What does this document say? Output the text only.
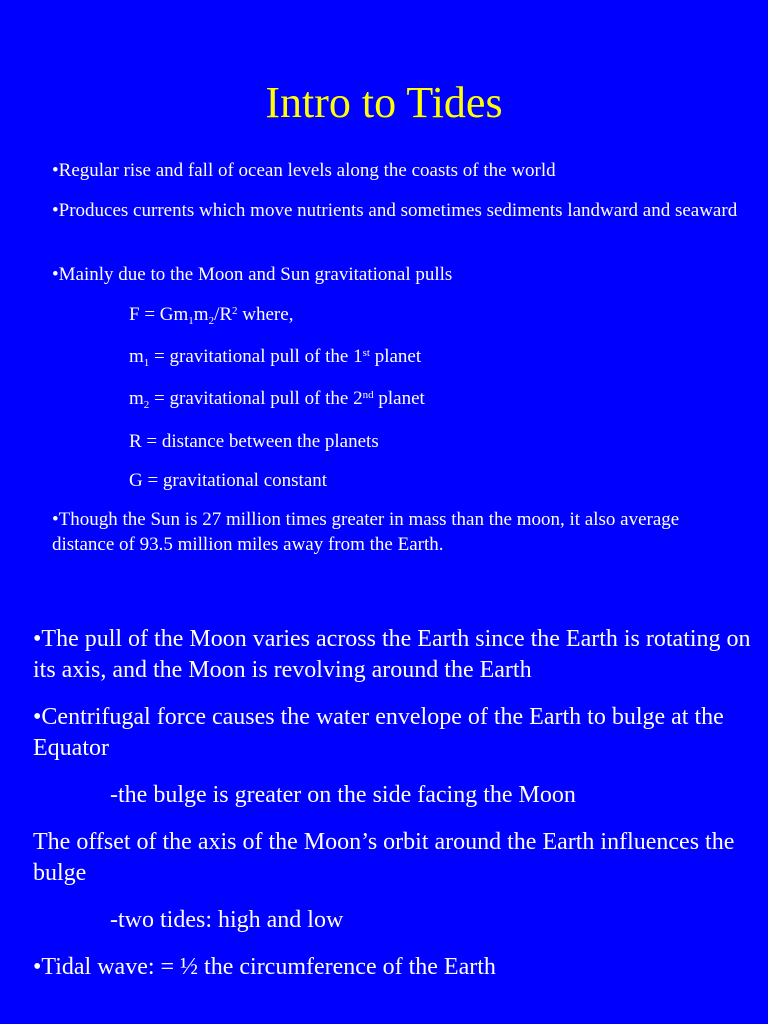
Intro to Tides

•Regular rise and fall of ocean levels along the coasts of the world

•Produces currents which move nutrients and sometimes sediments landward and seaward

•Mainly due to the Moon and Sun gravitational pulls

$F = Gm_1m_2/R^2$ where,

$m_1$ = gravitational pull of the 1st planet

$m_2$ = gravitational pull of the 2nd planet

R = distance between the planets

G = gravitational constant

•Though the Sun is 27 million times greater in mass than the moon, it also average distance of 93.5 million miles away from the Earth.

•The pull of the Moon varies across the Earth since the Earth is rotating on its axis, and the Moon is revolving around the Earth

•Centrifugal force causes the water envelope of the Earth to bulge at the Equator

-the bulge is greater on the side facing the Moon

The offset of the axis of the Moon’s orbit around the Earth influences the bulge

-two tides: high and low

•Tidal wave: = ½ the circumference of the Earth
